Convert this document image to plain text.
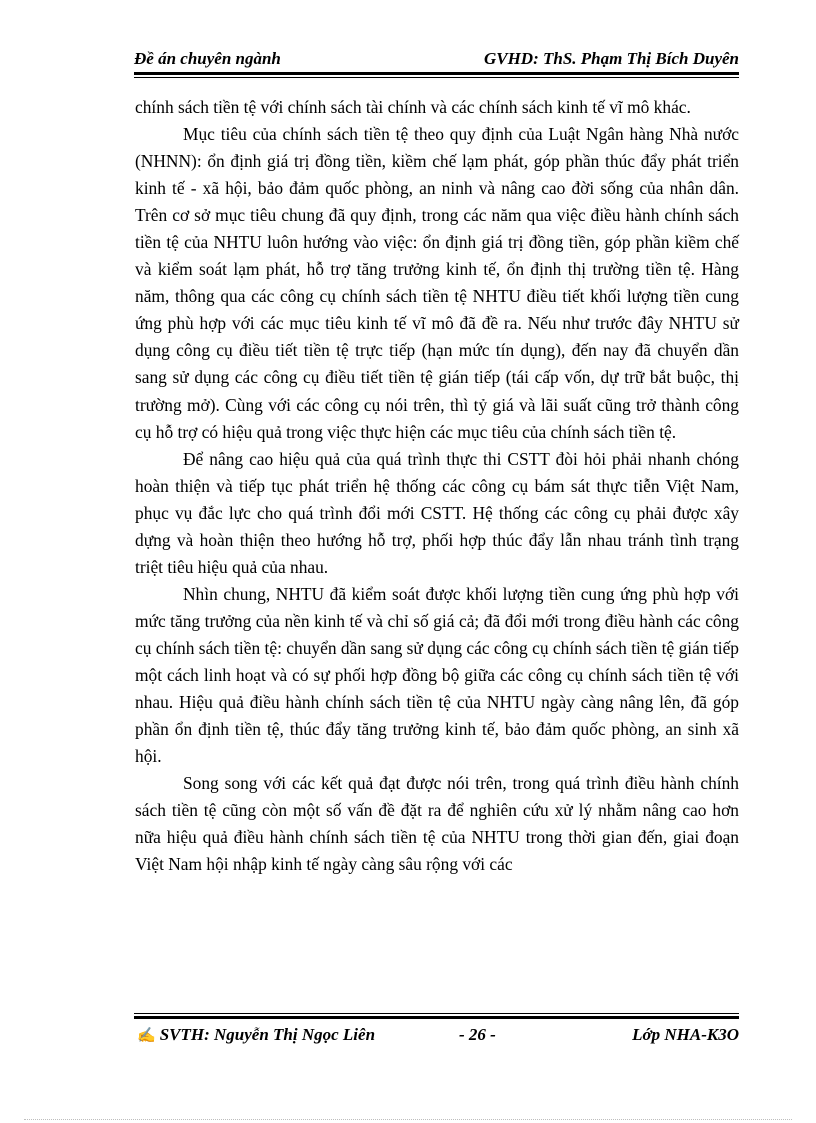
Đề án chuyên ngành	GVHD: ThS. Phạm Thị Bích Duyên

chính sách tiền tệ với chính sách tài chính và các chính sách kinh tế vĩ mô khác.

Mục tiêu của chính sách tiền tệ theo quy định của Luật Ngân hàng Nhà nước (NHNN): ổn định giá trị đồng tiền, kiềm chế lạm phát, góp phần thúc đẩy phát triển kinh tế - xã hội, bảo đảm quốc phòng, an ninh và nâng cao đời sống của nhân dân. Trên cơ sở mục tiêu chung đã quy định, trong các năm qua việc điều hành chính sách tiền tệ của NHTU luôn hướng vào việc: ổn định giá trị đồng tiền, góp phần kiềm chế và kiểm soát lạm phát, hỗ trợ tăng trưởng kinh tế, ổn định thị trường tiền tệ. Hàng năm, thông qua các công cụ chính sách tiền tệ NHTU điều tiết khối lượng tiền cung ứng phù hợp với các mục tiêu kinh tế vĩ mô đã đề ra. Nếu như trước đây NHTU sử dụng công cụ điều tiết tiền tệ trực tiếp (hạn mức tín dụng), đến nay đã chuyển dần sang sử dụng các công cụ điều tiết tiền tệ gián tiếp (tái cấp vốn, dự trữ bắt buộc, thị trường mở). Cùng với các công cụ nói trên, thì tỷ giá và lãi suất cũng trở thành công cụ hỗ trợ có hiệu quả trong việc thực hiện các mục tiêu của chính sách tiền tệ.

Để nâng cao hiệu quả của quá trình thực thi CSTT đòi hỏi phải nhanh chóng hoàn thiện và tiếp tục phát triển hệ thống các công cụ bám sát thực tiễn Việt Nam, phục vụ đắc lực cho quá trình đổi mới CSTT. Hệ thống các công cụ phải được xây dựng và hoàn thiện theo hướng hỗ trợ, phối hợp thúc đẩy lẫn nhau tránh tình trạng triệt tiêu hiệu quả của nhau.

Nhìn chung, NHTU đã kiểm soát được khối lượng tiền cung ứng phù hợp với mức tăng trưởng của nền kinh tế và chỉ số giá cả; đã đổi mới trong điều hành các công cụ chính sách tiền tệ: chuyển dần sang sử dụng các công cụ chính sách tiền tệ gián tiếp một cách linh hoạt và có sự phối hợp đồng bộ giữa các công cụ chính sách tiền tệ với nhau. Hiệu quả điều hành chính sách tiền tệ của NHTU ngày càng nâng lên, đã góp phần ổn định tiền tệ, thúc đẩy tăng trưởng kinh tế, bảo đảm quốc phòng, an sinh xã hội.

Song song với các kết quả đạt được nói trên, trong quá trình điều hành chính sách tiền tệ cũng còn một số vấn đề đặt ra để nghiên cứu xử lý nhằm nâng cao hơn nữa hiệu quả điều hành chính sách tiền tệ của NHTU trong thời gian đến, giai đoạn Việt Nam hội nhập kinh tế ngày càng sâu rộng với các

✍ SVTH: Nguyễn Thị Ngọc Liên	- 26 -	Lớp NHA-K3O
